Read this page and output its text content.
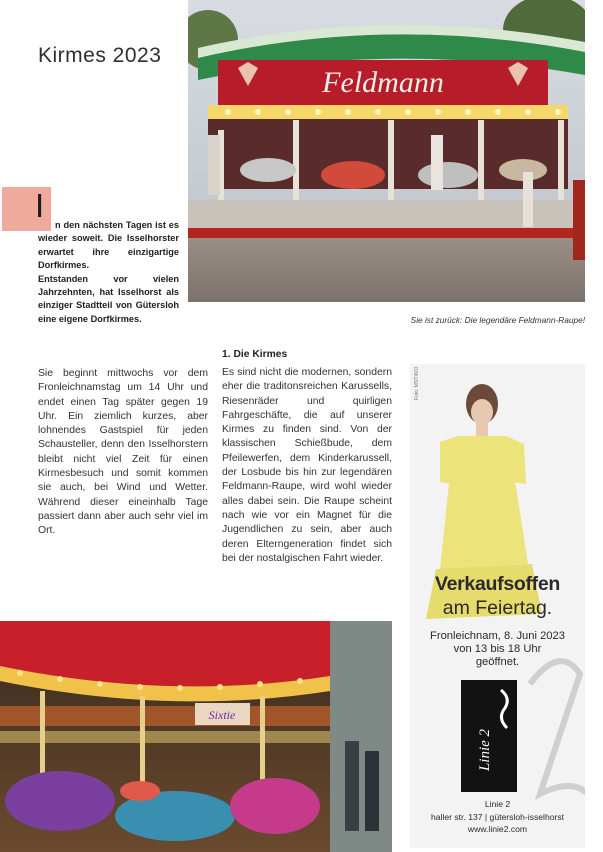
Kirmes 2023
Feldmann
Sie ist zurück: Die legendäre Feldmann-Raupe!
I

n den nächsten Tagen ist es wieder soweit. Die Isselhorster erwartet ihre einzigartige Dorfkirmes.

Entstanden vor vielen Jahrzehnten, hat Isselhorst als einziger Stadtteil von Gütersloh eine eigene Dorfkirmes.

Sie beginnt mittwochs vor dem Fronleichnamstag um 14 Uhr und endet einen Tag später gegen 19 Uhr. Ein ziemlich kurzes, aber lohnendes Gastspiel für jeden Schausteller, denn den Isselhorstern bleibt nicht viel Zeit für einen Kirmesbesuch und somit kommen sie auch, bei Wind und Wetter. Während dieser eineinhalb Tage passiert dann aber auch sehr viel im Ort.
1. Die Kirmes
Es sind nicht die modernen, sondern eher die traditonsreichen Karussells, Riesenräder und quirligen Fahrgeschäfte, die auf unserer Kirmes zu finden sind. Von der klassischen Schießbude, dem Pfeilewerfen, dem Kinderkarussell, der Losbude bis hin zur legendären Feldmann-Raupe, wird wohl wieder alles dabei sein. Die Raupe scheint nach wie vor ein Magnet für die Jugendlichen zu sein, aber auch deren Elterngeneration findet sich bei der nostalgischen Fahrt wieder.
Sixtie
Foto: MSTIKIO
Verkaufsoffen
am Feiertag.
Fronleichnam, 8. Juni 2023
von 13 bis 18 Uhr
geöffnet.
Linie 2
Linie 2
haller str. 137 | gütersloh-isselhorst
www.linie2.com
